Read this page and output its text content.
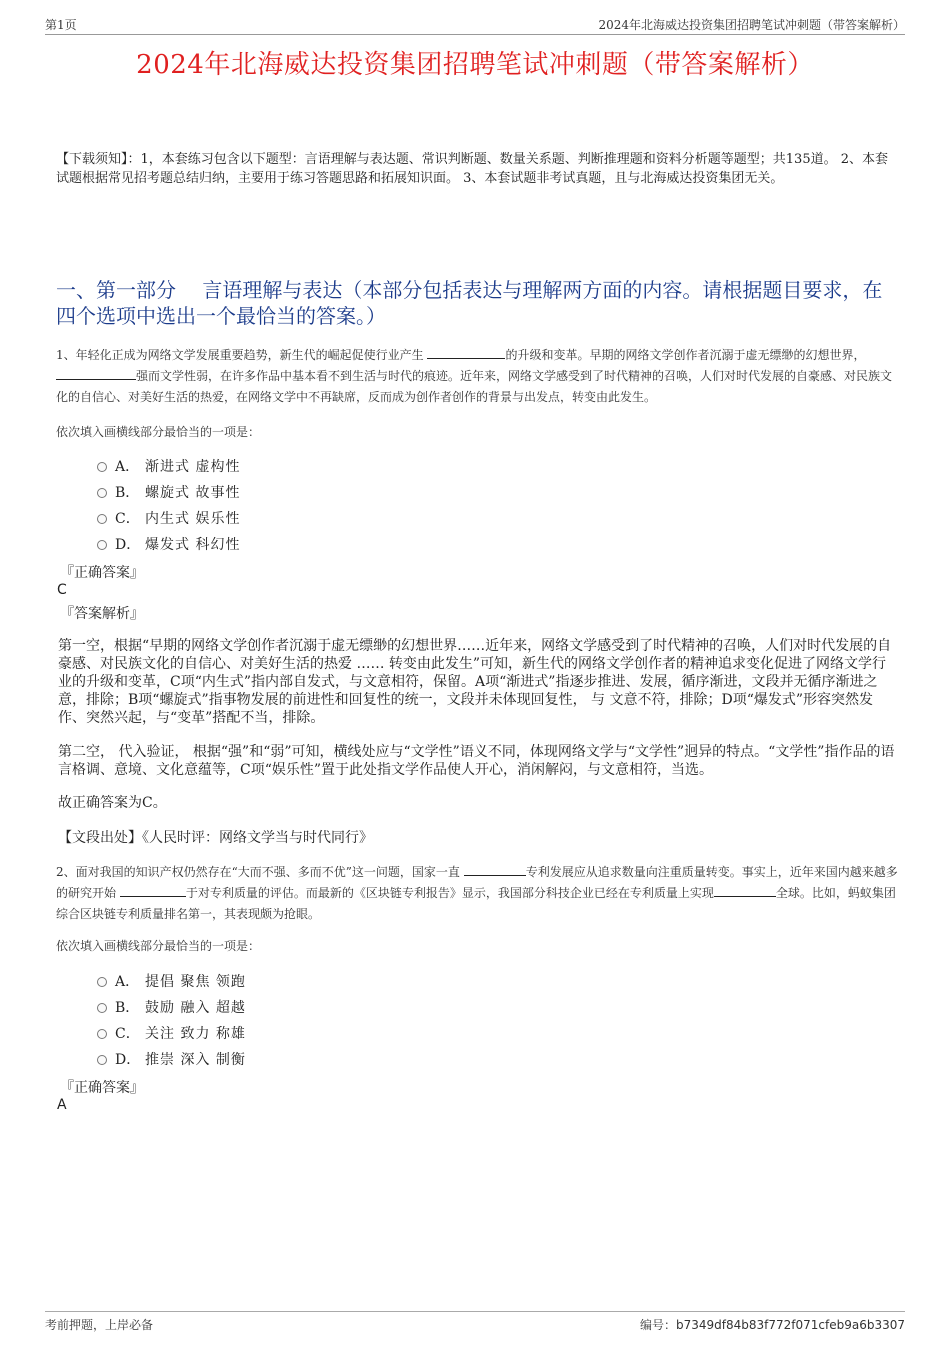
第1页	2024年北海威达投资集团招聘笔试冲刺题（带答案解析）
2024年北海威达投资集团招聘笔试冲刺题（带答案解析）
【下载须知】：1，本套练习包含以下题型：言语理解与表达题、常识判断题、数量关系题、判断推理题和资料分析题等题型；共135道。 2、本套试题根据常见招考题总结归纳，主要用于练习答题思路和拓展知识面。 3、本套试题非考试真题，且与北海威达投资集团无关。
一、第一部分　 言语理解与表达（本部分包括表达与理解两方面的内容。请根据题目要求，在四个选项中选出一个最恰当的答案。）
1、年轻化正成为网络文学发展重要趋势，新生代的崛起促使行业产生	的升级和变革。早期的网络文学创作者沉溺于虚无缥缈的幻想世界，强而文学性弱，在许多作品中基本看不到生活与时代的痕迹。近年来，网络文学感受到了时代精神的召唤，人们对时代发展的自豪感、对民族文化的自信心、对美好生活的热爱，在网络文学中不再缺席，反而成为创作者创作的背景与出发点，转变由此发生。
依次填入画横线部分最恰当的一项是：
A． 渐进式 虚构性
B． 螺旋式 故事性
C． 内生式 娱乐性
D． 爆发式 科幻性
『正确答案』
C
『答案解析』
第一空，根据“早期的网络文学创作者沉溺于虚无缥缈的幻想世界……近年来，网络文学感受到了时代精神的召唤，人们对时代发展的自豪感、对民族文化的自信心、对美好生活的热爱 …… 转变由此发生”可知，新生代的网络文学创作者的精神追求变化促进了网络文学行业的升级和变革，C项“内生式”指内部自发式，与文意相符，保留。A项“渐进式”指逐步推进、发展，循序渐进，文段并无循序渐进之意，排除；B项“螺旋式”指事物发展的前进性和回复性的统一，文段并未体现回复性， 与 文意不符，排除；D项“爆发式”形容突然发作、突然兴起，与“变革”搭配不当，排除。
第二空， 代入验证， 根据“强”和“弱”可知，横线处应与“文学性”语义不同，体现网络文学与“文学性”迥异的特点。“文学性”指作品的语言格调、意境、文化意蕴等，C项“娱乐性”置于此处指文学作品使人开心，消闲解闷，与文意相符，当选。
故正确答案为C。
【文段出处】《人民时评：网络文学当与时代同行》
2、面对我国的知识产权仍然存在“大而不强、多而不优”这一问题，国家一直	专利发展应从追求数量向注重质量转变。事实上，近年来国内越来越多的研究开始	于对专利质量的评估。而最新的《区块链专利报告》显示，我国部分科技企业已经在专利质量上实现	全球。比如，蚂蚁集团综合区块链专利质量排名第一，其表现颇为抢眼。
依次填入画横线部分最恰当的一项是：
A． 提倡 聚焦 领跑
B． 鼓励 融入 超越
C． 关注 致力 称雄
D． 推崇 深入 制衡
『正确答案』
A
考前押题，上岸必备	编号：b7349df84b83f772f071cfeb9a6b3307
